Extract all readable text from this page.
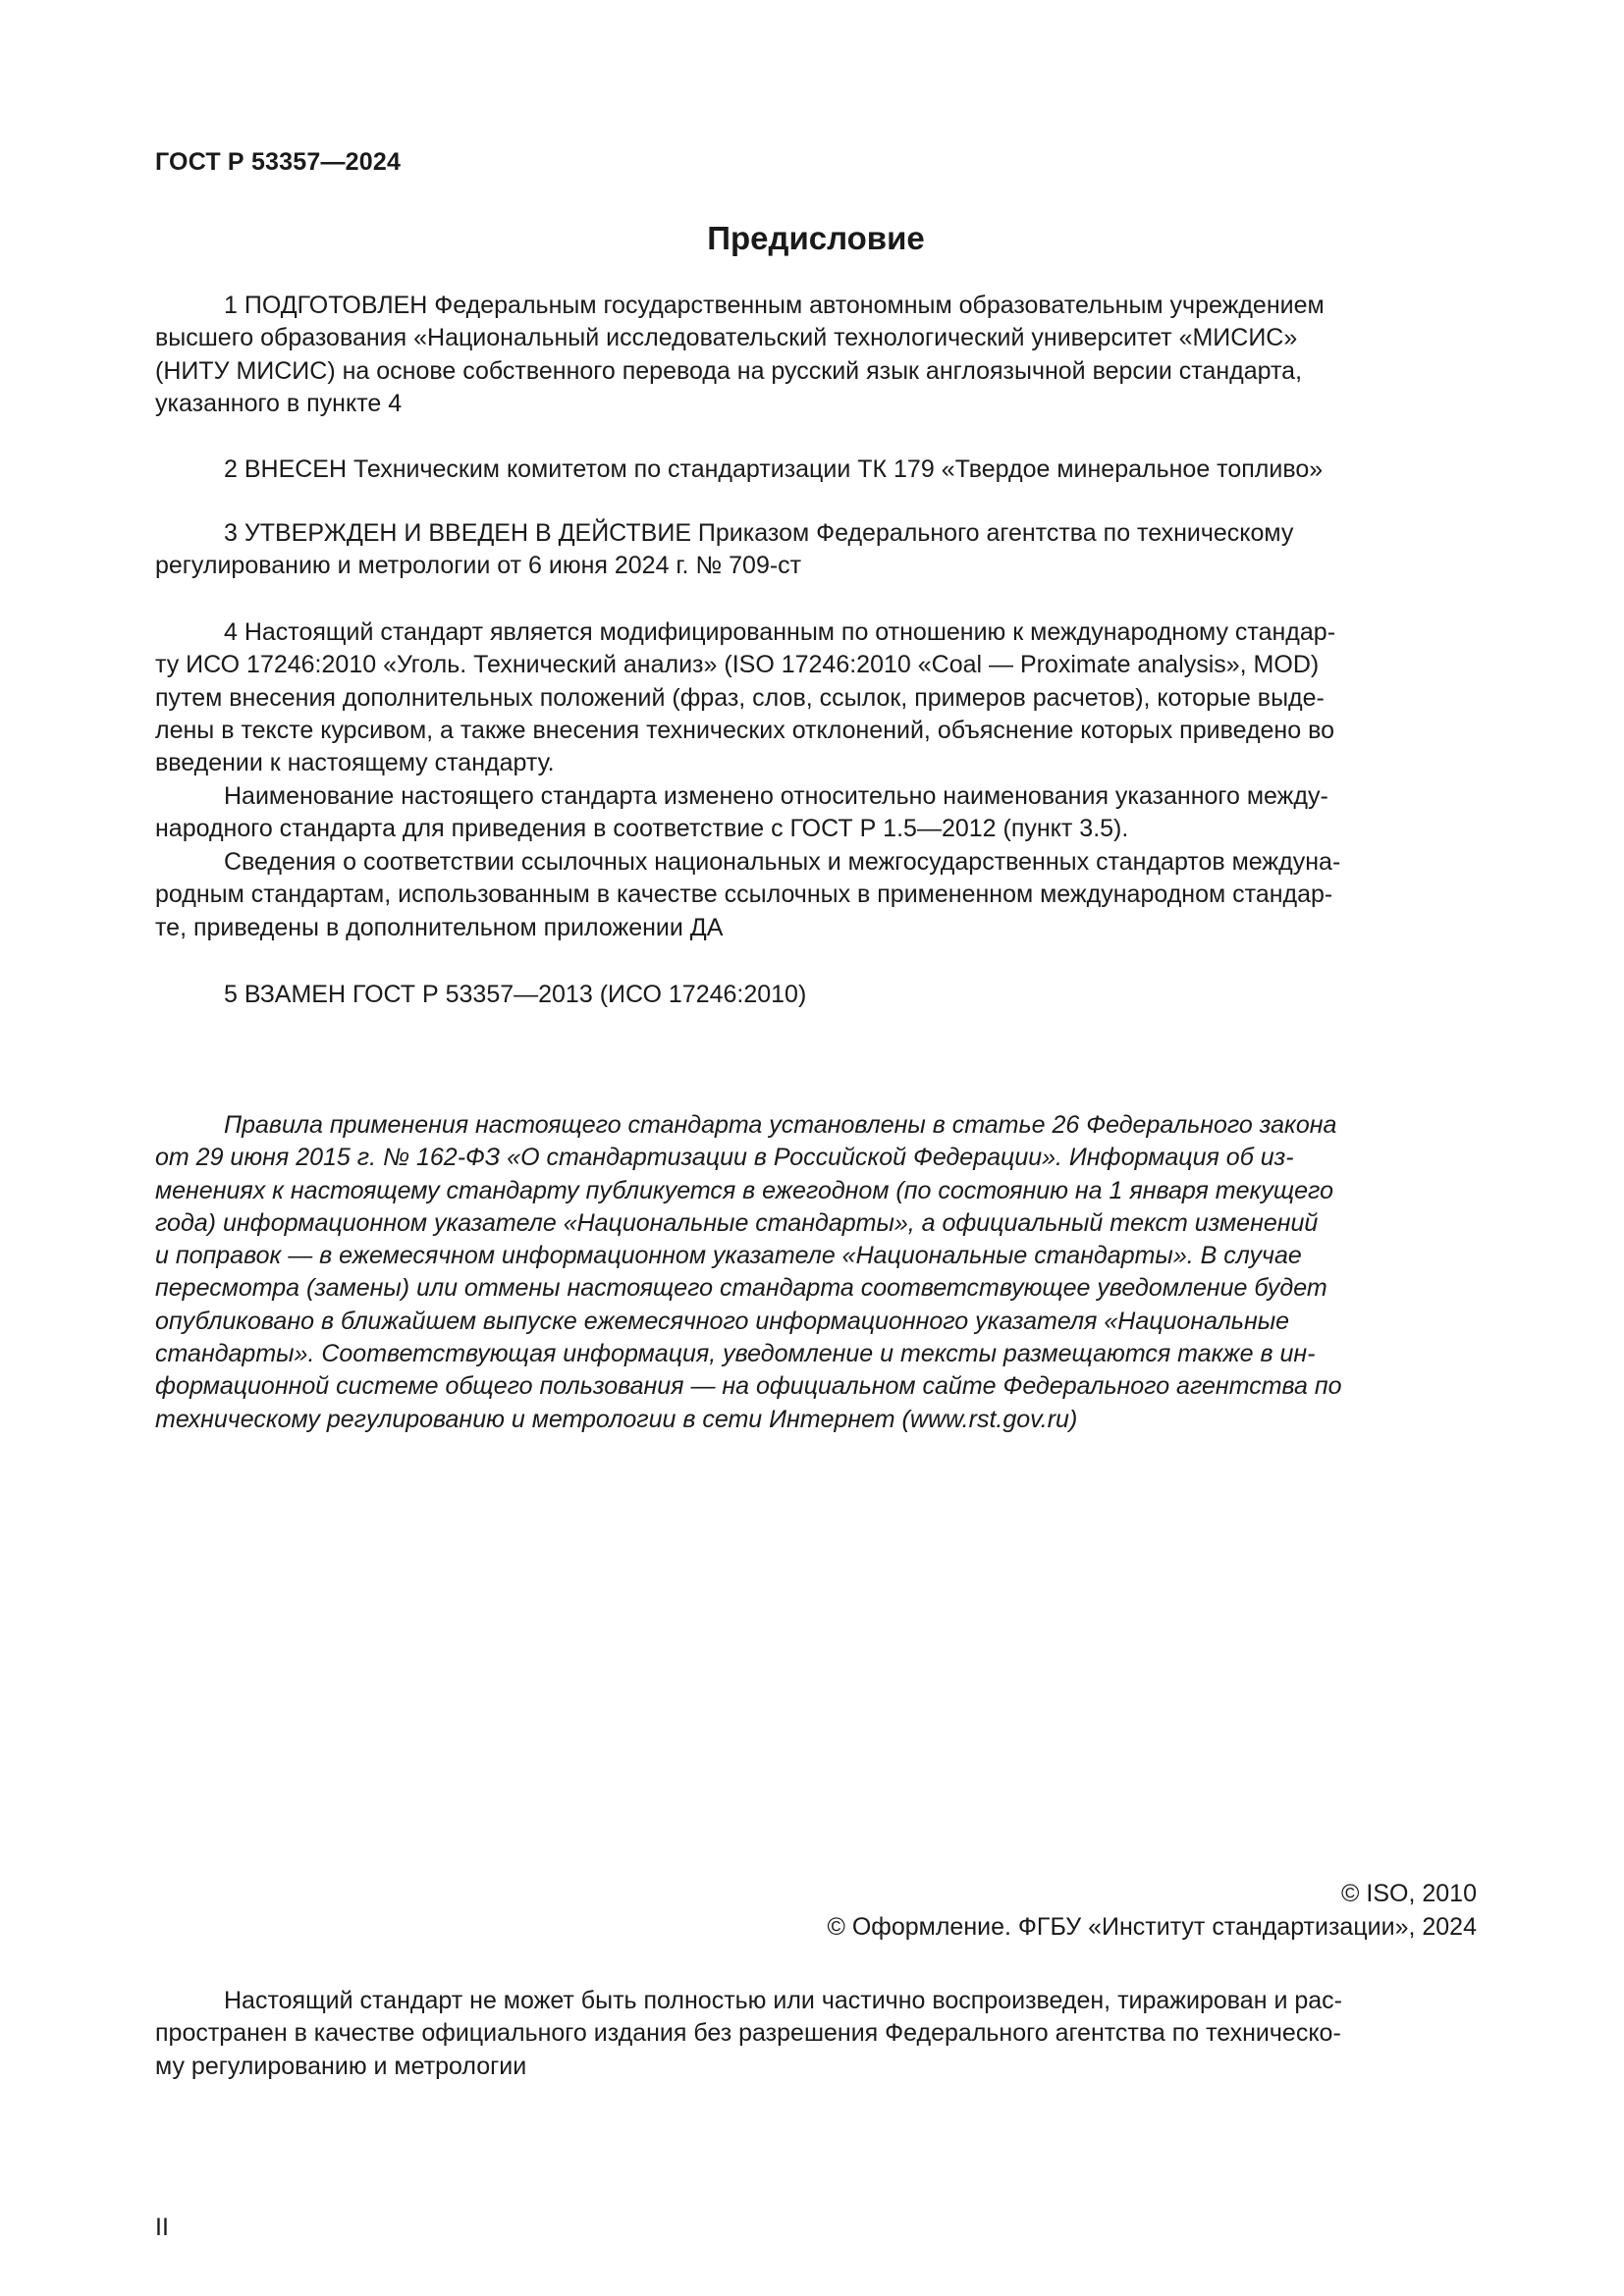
ГОСТ Р 53357—2024
Предисловие
1 ПОДГОТОВЛЕН Федеральным государственным автономным образовательным учреждением
высшего образования «Национальный исследовательский технологический университет «МИСИС»
(НИТУ МИСИС) на основе собственного перевода на русский язык англоязычной версии стандарта,
указанного в пункте 4
2 ВНЕСЕН Техническим комитетом по стандартизации ТК 179 «Твердое минеральное топливо»
3 УТВЕРЖДЕН И ВВЕДЕН В ДЕЙСТВИЕ Приказом Федерального агентства по техническому
регулированию и метрологии от 6 июня 2024 г. № 709-ст
4 Настоящий стандарт является модифицированным по отношению к международному стандар-
ту ИСО 17246:2010 «Уголь. Технический анализ» (ISO 17246:2010 «Coal — Proximate analysis», MOD)
путем внесения дополнительных положений (фраз, слов, ссылок, примеров расчетов), которые выде-
лены в тексте курсивом, а также внесения технических отклонений, объяснение которых приведено во
введении к настоящему стандарту.
Наименование настоящего стандарта изменено относительно наименования указанного между-
народного стандарта для приведения в соответствие с ГОСТ Р 1.5—2012 (пункт 3.5).
Сведения о соответствии ссылочных национальных и межгосударственных стандартов междуна-
родным стандартам, использованным в качестве ссылочных в примененном международном стандар-
те, приведены в дополнительном приложении ДА
5 ВЗАМЕН ГОСТ Р 53357—2013 (ИСО 17246:2010)
Правила применения настоящего стандарта установлены в статье 26 Федерального закона
от 29 июня 2015 г. № 162-ФЗ «О стандартизации в Российской Федерации». Информация об из-
менениях к настоящему стандарту публикуется в ежегодном (по состоянию на 1 января текущего
года) информационном указателе «Национальные стандарты», а официальный текст изменений
и поправок — в ежемесячном информационном указателе «Национальные стандарты». В случае
пересмотра (замены) или отмены настоящего стандарта соответствующее уведомление будет
опубликовано в ближайшем выпуске ежемесячного информационного указателя «Национальные
стандарты». Соответствующая информация, уведомление и тексты размещаются также в ин-
формационной системе общего пользования — на официальном сайте Федерального агентства по
техническому регулированию и метрологии в сети Интернет (www.rst.gov.ru)
© ISO, 2010
© Оформление. ФГБУ «Институт стандартизации», 2024
Настоящий стандарт не может быть полностью или частично воспроизведен, тиражирован и рас-
пространен в качестве официального издания без разрешения Федерального агентства по техническо-
му регулированию и метрологии
II
